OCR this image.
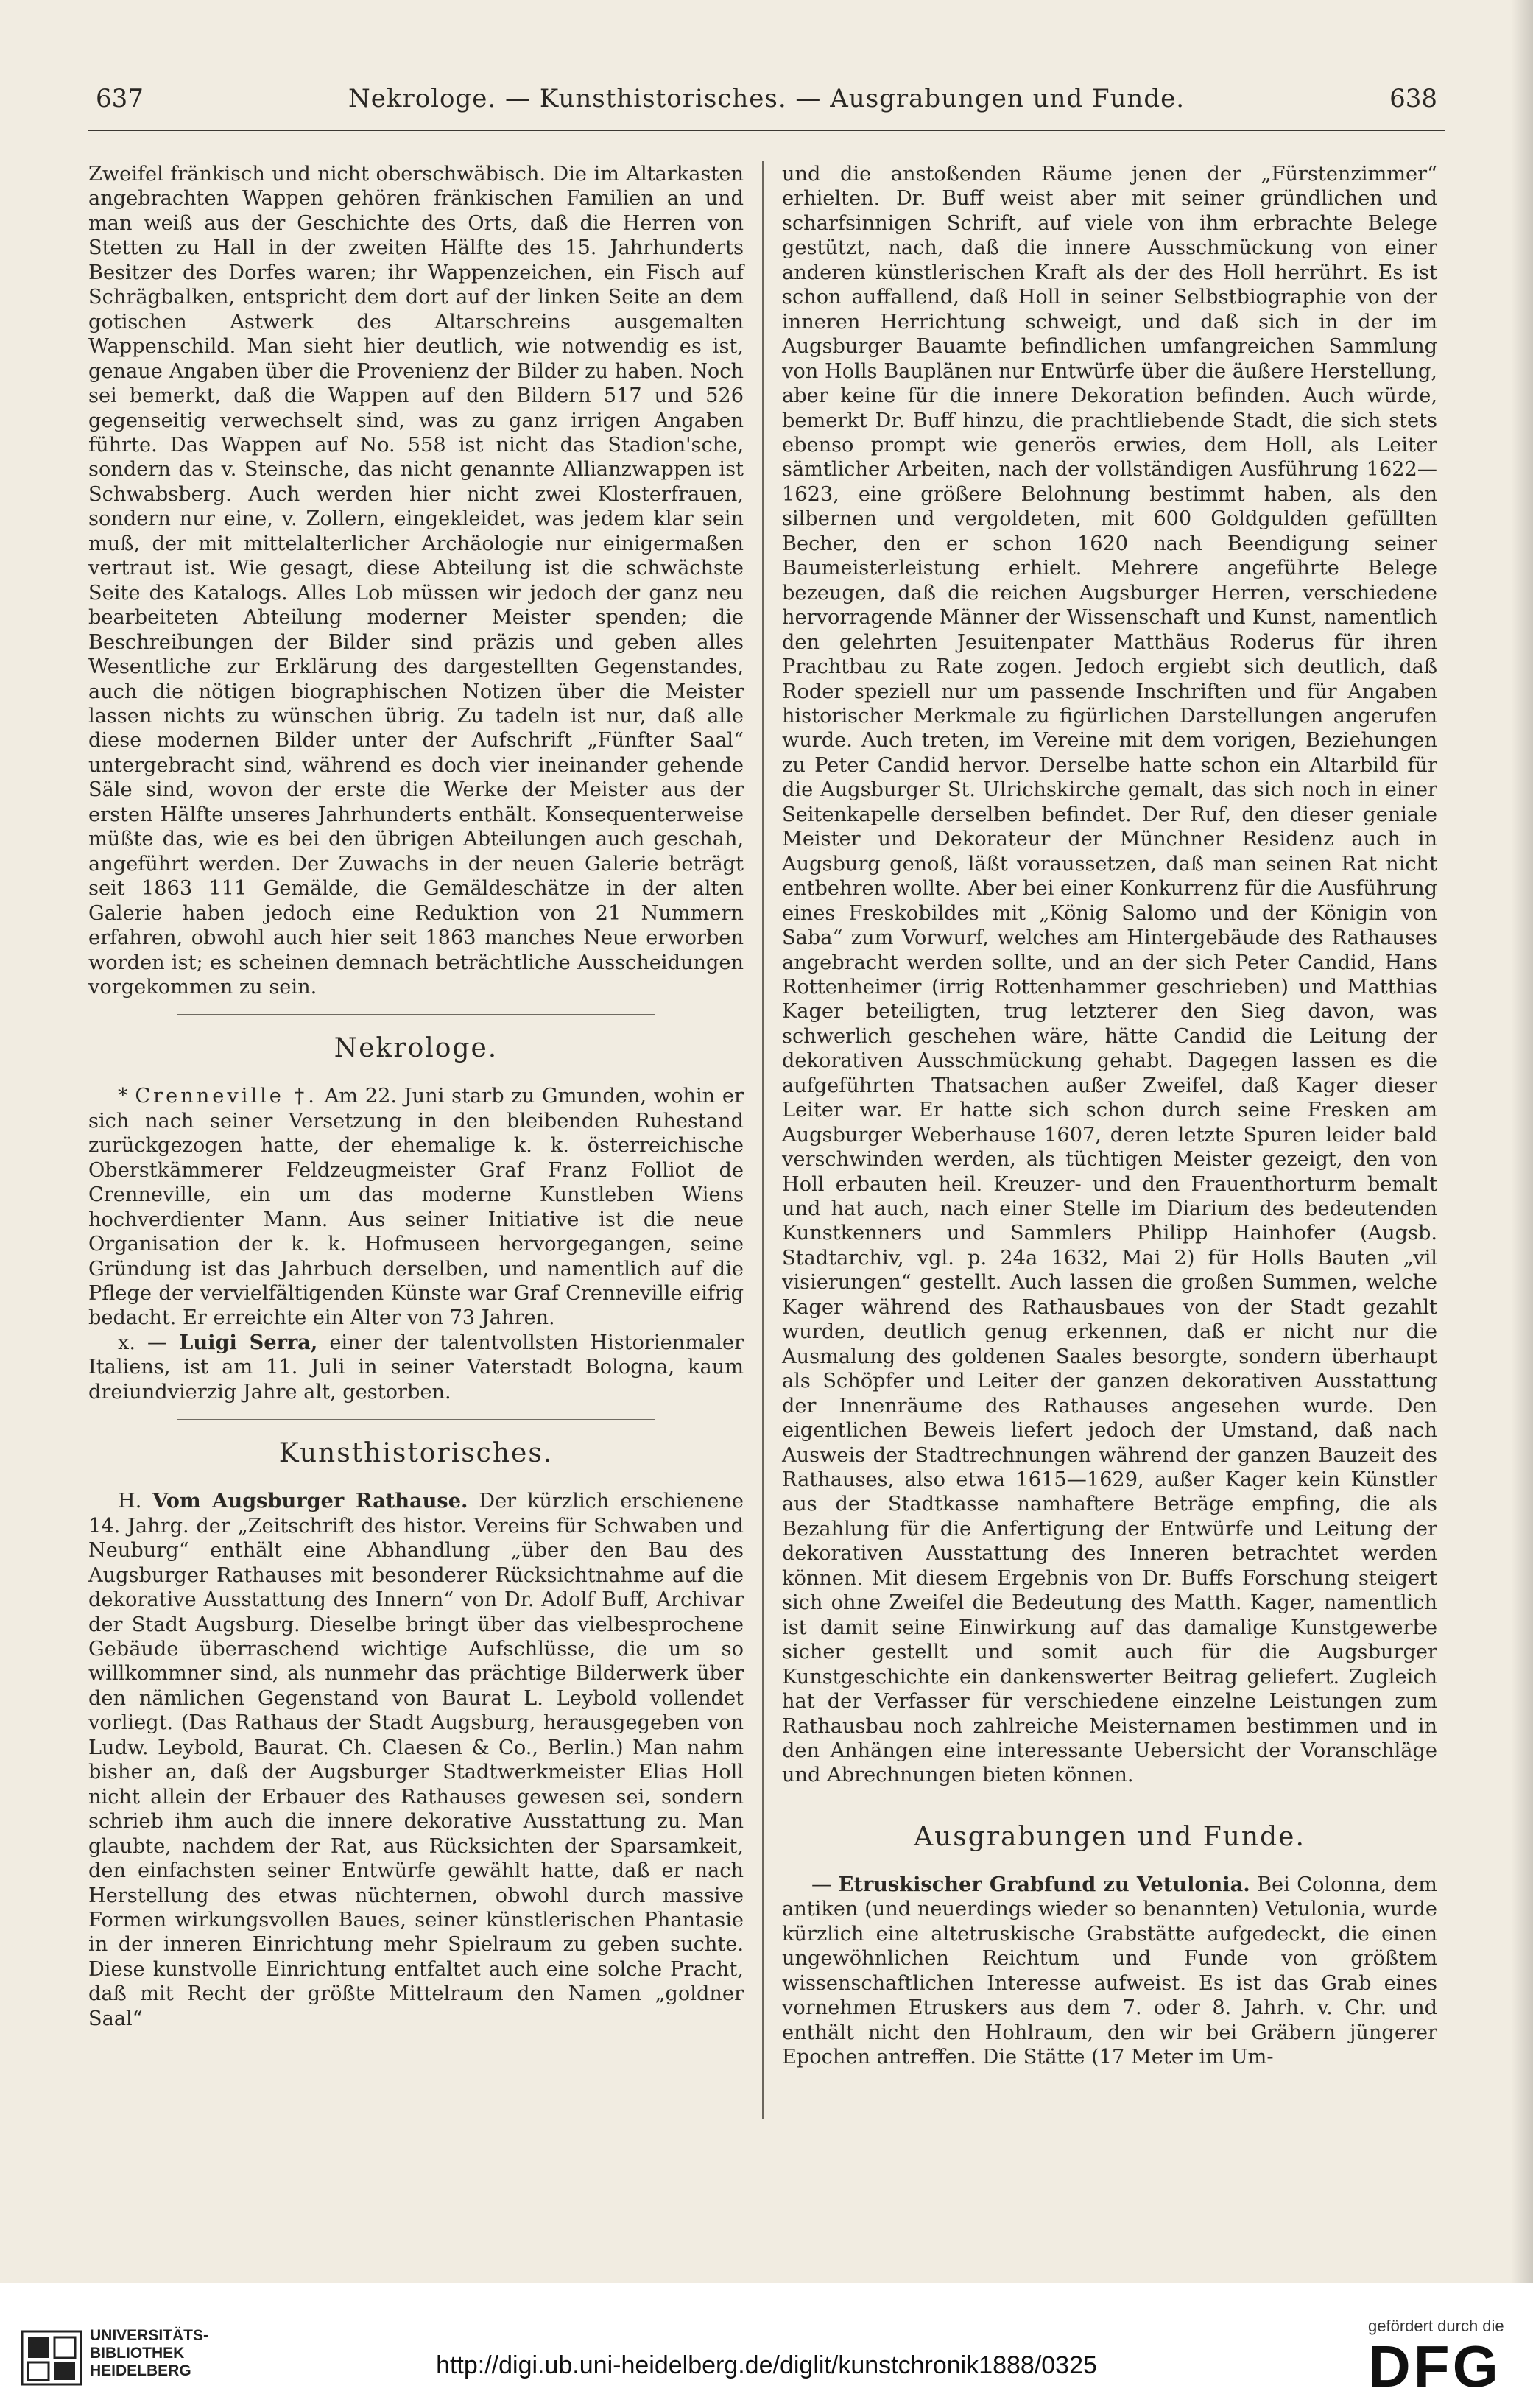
637	Nekrologe. — Kunsthistorisches. — Ausgrabungen und Funde.	638

Zweifel fränkisch und nicht oberschwäbisch. Die im Altarkasten angebrachten Wappen gehören fränkischen Familien an und man weiß aus der Geschichte des Orts, daß die Herren von Stetten zu Hall in der zweiten Hälfte des 15. Jahrhunderts Besitzer des Dorfes waren; ihr Wappenzeichen, ein Fisch auf Schrägbalken, entspricht dem dort auf der linken Seite an dem gotischen Astwerk des Altarschreins ausgemalten Wappenschild. Man sieht hier deutlich, wie notwendig es ist, genaue Angaben über die Provenienz der Bilder zu haben. Noch sei bemerkt, daß die Wappen auf den Bildern 517 und 526 gegenseitig verwechselt sind, was zu ganz irrigen Angaben führte. Das Wappen auf No. 558 ist nicht das Stadion'sche, sondern das v. Steinsche, das nicht genannte Allianzwappen ist Schwabsberg. Auch werden hier nicht zwei Klosterfrauen, sondern nur eine, v. Zollern, eingekleidet, was jedem klar sein muß, der mit mittelalterlicher Archäologie nur einigermaßen vertraut ist. Wie gesagt, diese Abteilung ist die schwächste Seite des Katalogs. Alles Lob müssen wir jedoch der ganz neu bearbeiteten Abteilung moderner Meister spenden; die Beschreibungen der Bilder sind präzis und geben alles Wesentliche zur Erklärung des dargestellten Gegenstandes, auch die nötigen biographischen Notizen über die Meister lassen nichts zu wünschen übrig. Zu tadeln ist nur, daß alle diese modernen Bilder unter der Aufschrift „Fünfter Saal“ untergebracht sind, während es doch vier ineinander gehende Säle sind, wovon der erste die Werke der Meister aus der ersten Hälfte unseres Jahrhunderts enthält. Konsequenterweise müßte das, wie es bei den übrigen Abteilungen auch geschah, angeführt werden. Der Zuwachs in der neuen Galerie beträgt seit 1863 111 Gemälde, die Gemäldeschätze in der alten Galerie haben jedoch eine Reduktion von 21 Nummern erfahren, obwohl auch hier seit 1863 manches Neue erworben worden ist; es scheinen demnach beträchtliche Ausscheidungen vorgekommen zu sein.

Nekrologe.

* Crenneville †. Am 22. Juni starb zu Gmunden, wohin er sich nach seiner Versetzung in den bleibenden Ruhestand zurückgezogen hatte, der ehemalige k. k. österreichische Oberstkämmerer Feldzeugmeister Graf Franz Folliot de Crenneville, ein um das moderne Kunstleben Wiens hochverdienter Mann. Aus seiner Initiative ist die neue Organisation der k. k. Hofmuseen hervorgegangen, seine Gründung ist das Jahrbuch derselben, und namentlich auf die Pflege der vervielfältigenden Künste war Graf Crenneville eifrig bedacht. Er erreichte ein Alter von 73 Jahren.

x. — Luigi Serra, einer der talentvollsten Historienmaler Italiens, ist am 11. Juli in seiner Vaterstadt Bologna, kaum dreiundvierzig Jahre alt, gestorben.

Kunsthistorisches.

H. Vom Augsburger Rathause. Der kürzlich erschienene 14. Jahrg. der „Zeitschrift des histor. Vereins für Schwaben und Neuburg“ enthält eine Abhandlung „über den Bau des Augsburger Rathauses mit besonderer Rücksichtnahme auf die dekorative Ausstattung des Innern“ von Dr. Adolf Buff, Archivar der Stadt Augsburg. Dieselbe bringt über das vielbesprochene Gebäude überraschend wichtige Aufschlüsse, die um so willkommner sind, als nunmehr das prächtige Bilderwerk über den nämlichen Gegenstand von Baurat L. Leybold vollendet vorliegt. (Das Rathaus der Stadt Augsburg, herausgegeben von Ludw. Leybold, Baurat. Ch. Claesen & Co., Berlin.) Man nahm bisher an, daß der Augsburger Stadtwerkmeister Elias Holl nicht allein der Erbauer des Rathauses gewesen sei, sondern schrieb ihm auch die innere dekorative Ausstattung zu. Man glaubte, nachdem der Rat, aus Rücksichten der Sparsamkeit, den einfachsten seiner Entwürfe gewählt hatte, daß er nach Herstellung des etwas nüchternen, obwohl durch massive Formen wirkungsvollen Baues, seiner künstlerischen Phantasie in der inneren Einrichtung mehr Spielraum zu geben suchte. Diese kunstvolle Einrichtung entfaltet auch eine solche Pracht, daß mit Recht der größte Mittelraum den Namen „goldner Saal“

und die anstoßenden Räume jenen der „Fürstenzimmer“ erhielten. Dr. Buff weist aber mit seiner gründlichen und scharfsinnigen Schrift, auf viele von ihm erbrachte Belege gestützt, nach, daß die innere Ausschmückung von einer anderen künstlerischen Kraft als der des Holl herrührt. Es ist schon auffallend, daß Holl in seiner Selbstbiographie von der inneren Herrichtung schweigt, und daß sich in der im Augsburger Bauamte befindlichen umfangreichen Sammlung von Holls Bauplänen nur Entwürfe über die äußere Herstellung, aber keine für die innere Dekoration befinden. Auch würde, bemerkt Dr. Buff hinzu, die prachtliebende Stadt, die sich stets ebenso prompt wie generös erwies, dem Holl, als Leiter sämtlicher Arbeiten, nach der vollständigen Ausführung 1622—1623, eine größere Belohnung bestimmt haben, als den silbernen und vergoldeten, mit 600 Goldgulden gefüllten Becher, den er schon 1620 nach Beendigung seiner Baumeisterleistung erhielt. Mehrere angeführte Belege bezeugen, daß die reichen Augsburger Herren, verschiedene hervorragende Männer der Wissenschaft und Kunst, namentlich den gelehrten Jesuitenpater Matthäus Roderus für ihren Prachtbau zu Rate zogen. Jedoch ergiebt sich deutlich, daß Roder speziell nur um passende Inschriften und für Angaben historischer Merkmale zu figürlichen Darstellungen angerufen wurde. Auch treten, im Vereine mit dem vorigen, Beziehungen zu Peter Candid hervor. Derselbe hatte schon ein Altarbild für die Augsburger St. Ulrichskirche gemalt, das sich noch in einer Seitenkapelle derselben befindet. Der Ruf, den dieser geniale Meister und Dekorateur der Münchner Residenz auch in Augsburg genoß, läßt voraussetzen, daß man seinen Rat nicht entbehren wollte. Aber bei einer Konkurrenz für die Ausführung eines Freskobildes mit „König Salomo und der Königin von Saba“ zum Vorwurf, welches am Hintergebäude des Rathauses angebracht werden sollte, und an der sich Peter Candid, Hans Rottenheimer (irrig Rottenhammer geschrieben) und Matthias Kager beteiligten, trug letzterer den Sieg davon, was schwerlich geschehen wäre, hätte Candid die Leitung der dekorativen Ausschmückung gehabt. Dagegen lassen es die aufgeführten Thatsachen außer Zweifel, daß Kager dieser Leiter war. Er hatte sich schon durch seine Fresken am Augsburger Weberhause 1607, deren letzte Spuren leider bald verschwinden werden, als tüchtigen Meister gezeigt, den von Holl erbauten heil. Kreuzer- und den Frauenthorturm bemalt und hat auch, nach einer Stelle im Diarium des bedeutenden Kunstkenners und Sammlers Philipp Hainhofer (Augsb. Stadtarchiv, vgl. p. 24a 1632, Mai 2) für Holls Bauten „vil visierungen“ gestellt. Auch lassen die großen Summen, welche Kager während des Rathausbaues von der Stadt gezahlt wurden, deutlich genug erkennen, daß er nicht nur die Ausmalung des goldenen Saales besorgte, sondern überhaupt als Schöpfer und Leiter der ganzen dekorativen Ausstattung der Innenräume des Rathauses angesehen wurde. Den eigentlichen Beweis liefert jedoch der Umstand, daß nach Ausweis der Stadtrechnungen während der ganzen Bauzeit des Rathauses, also etwa 1615—1629, außer Kager kein Künstler aus der Stadtkasse namhaftere Beträge empfing, die als Bezahlung für die Anfertigung der Entwürfe und Leitung der dekorativen Ausstattung des Inneren betrachtet werden können. Mit diesem Ergebnis von Dr. Buffs Forschung steigert sich ohne Zweifel die Bedeutung des Matth. Kager, namentlich ist damit seine Einwirkung auf das damalige Kunstgewerbe sicher gestellt und somit auch für die Augsburger Kunstgeschichte ein dankenswerter Beitrag geliefert. Zugleich hat der Verfasser für verschiedene einzelne Leistungen zum Rathausbau noch zahlreiche Meisternamen bestimmen und in den Anhängen eine interessante Uebersicht der Voranschläge und Abrechnungen bieten können.

Ausgrabungen und Funde.

— Etruskischer Grabfund zu Vetulonia. Bei Colonna, dem antiken (und neuerdings wieder so benannten) Vetulonia, wurde kürzlich eine altetruskische Grabstätte aufgedeckt, die einen ungewöhnlichen Reichtum und Funde von größtem wissenschaftlichen Interesse aufweist. Es ist das Grab eines vornehmen Etruskers aus dem 7. oder 8. Jahrh. v. Chr. und enthält nicht den Hohlraum, den wir bei Gräbern jüngerer Epochen antreffen. Die Stätte (17 Meter im Um-

UNIVERSITÄTS-
BIBLIOTHEK
HEIDELBERG	http://digi.ub.uni-heidelberg.de/diglit/kunstchronik1888/0325
gefördert durch die
DFG
